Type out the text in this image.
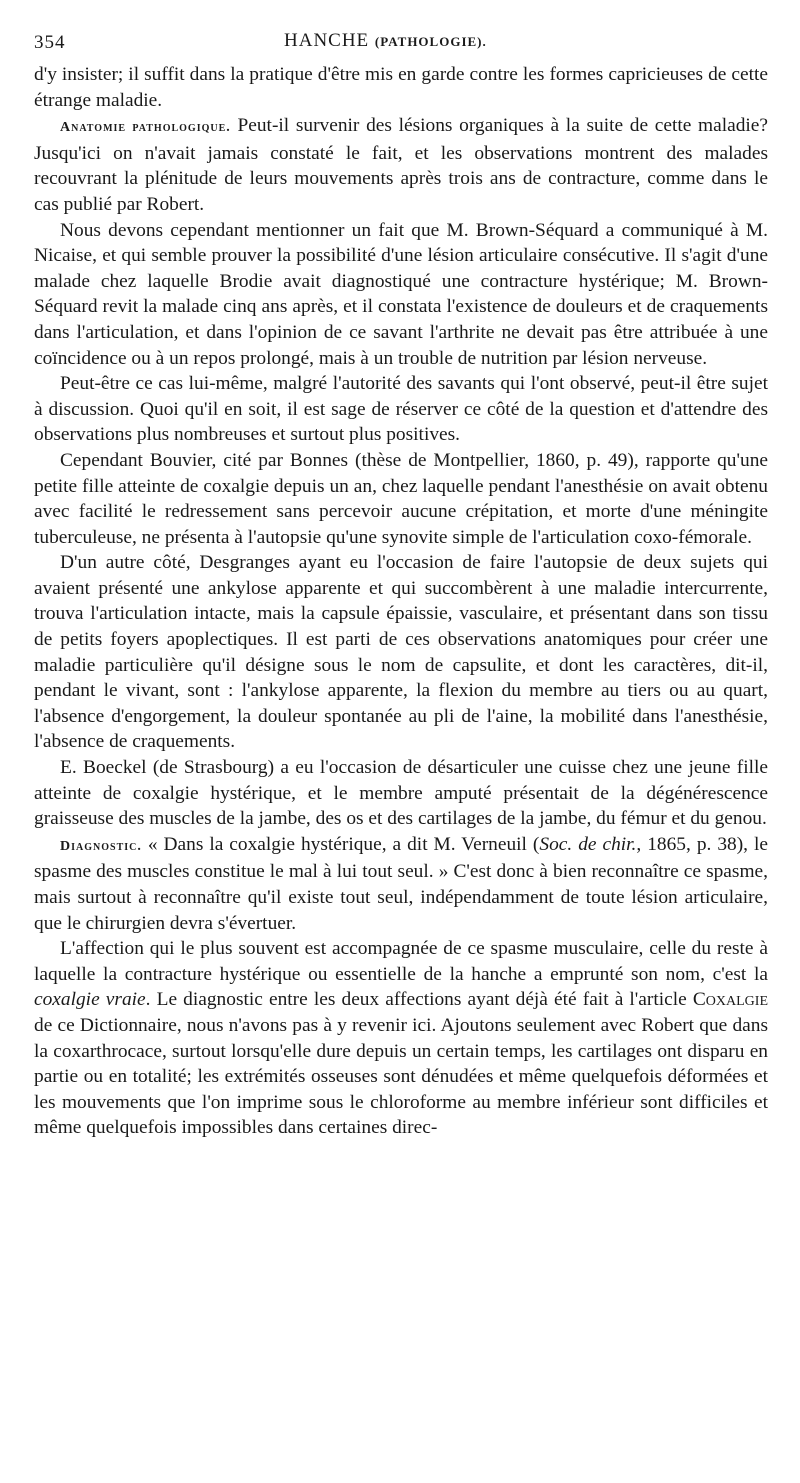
354	HANCHE (PATHOLOGIE).

d'y insister; il suffit dans la pratique d'être mis en garde contre les formes capricieuses de cette étrange maladie.

Anatomie pathologique. Peut-il survenir des lésions organiques à la suite de cette maladie? Jusqu'ici on n'avait jamais constaté le fait, et les observations montrent des malades recouvrant la plénitude de leurs mouvements après trois ans de contracture, comme dans le cas publié par Robert.

Nous devons cependant mentionner un fait que M. Brown-Séquard a communiqué à M. Nicaise, et qui semble prouver la possibilité d'une lésion articulaire consécutive. Il s'agit d'une malade chez laquelle Brodie avait diagnostiqué une contracture hystérique; M. Brown-Séquard revit la malade cinq ans après, et il constata l'existence de douleurs et de craquements dans l'articulation, et dans l'opinion de ce savant l'arthrite ne devait pas être attribuée à une coïncidence ou à un repos prolongé, mais à un trouble de nutrition par lésion nerveuse.

Peut-être ce cas lui-même, malgré l'autorité des savants qui l'ont observé, peut-il être sujet à discussion. Quoi qu'il en soit, il est sage de réserver ce côté de la question et d'attendre des observations plus nombreuses et surtout plus positives.

Cependant Bouvier, cité par Bonnes (thèse de Montpellier, 1860, p. 49), rapporte qu'une petite fille atteinte de coxalgie depuis un an, chez laquelle pendant l'anesthésie on avait obtenu avec facilité le redressement sans percevoir aucune crépitation, et morte d'une méningite tuberculeuse, ne présenta à l'autopsie qu'une synovite simple de l'articulation coxo-fémorale.

D'un autre côté, Desgranges ayant eu l'occasion de faire l'autopsie de deux sujets qui avaient présenté une ankylose apparente et qui succombèrent à une maladie intercurrente, trouva l'articulation intacte, mais la capsule épaissie, vasculaire, et présentant dans son tissu de petits foyers apoplectiques. Il est parti de ces observations anatomiques pour créer une maladie particulière qu'il désigne sous le nom de capsulite, et dont les caractères, dit-il, pendant le vivant, sont : l'ankylose apparente, la flexion du membre au tiers ou au quart, l'absence d'engorgement, la douleur spontanée au pli de l'aine, la mobilité dans l'anesthésie, l'absence de craquements.

E. Boeckel (de Strasbourg) a eu l'occasion de désarticuler une cuisse chez une jeune fille atteinte de coxalgie hystérique, et le membre amputé présentait de la dégénérescence graisseuse des muscles de la jambe, des os et des cartilages de la jambe, du fémur et du genou.

Diagnostic. « Dans la coxalgie hystérique, a dit M. Verneuil (Soc. de chir., 1865, p. 38), le spasme des muscles constitue le mal à lui tout seul. » C'est donc à bien reconnaître ce spasme, mais surtout à reconnaître qu'il existe tout seul, indépendamment de toute lésion articulaire, que le chirurgien devra s'évertuer.

L'affection qui le plus souvent est accompagnée de ce spasme musculaire, celle du reste à laquelle la contracture hystérique ou essentielle de la hanche a emprunté son nom, c'est la coxalgie vraie. Le diagnostic entre les deux affections ayant déjà été fait à l'article Coxalgie de ce Dictionnaire, nous n'avons pas à y revenir ici. Ajoutons seulement avec Robert que dans la coxarthrocace, surtout lorsqu'elle dure depuis un certain temps, les cartilages ont disparu en partie ou en totalité; les extrémités osseuses sont dénudées et même quelquefois déformées et les mouvements que l'on imprime sous le chloroforme au membre inférieur sont difficiles et même quelquefois impossibles dans certaines direc-
